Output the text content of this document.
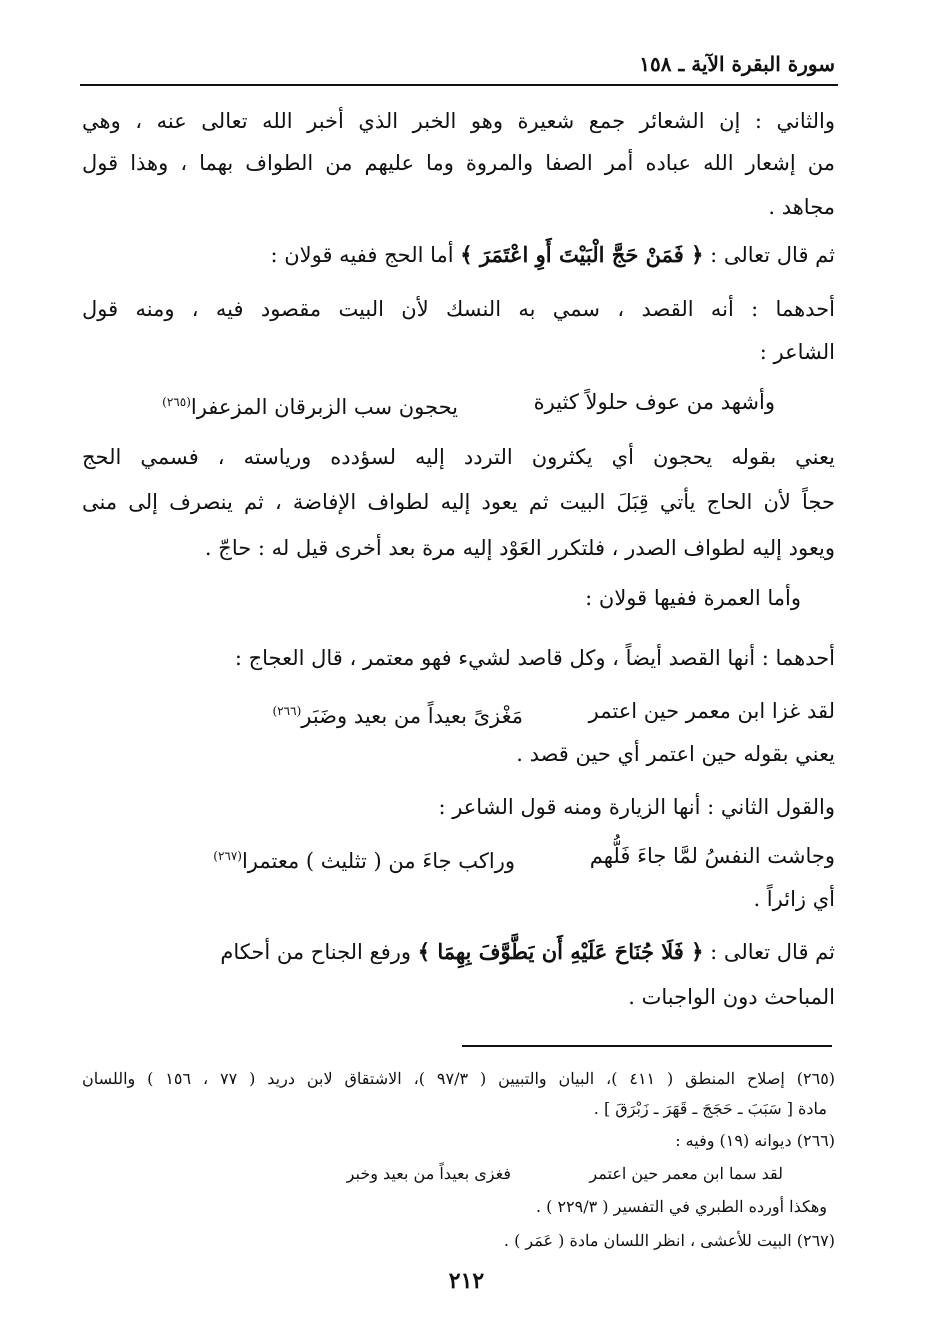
سورة البقرة الآية ـ ١٥٨
والثاني : إن الشعائر جمع شعيرة وهو الخبر الذي أخبر الله تعالى عنه ، وهي
من إشعار الله عباده أمر الصفا والمروة وما عليهم من الطواف بهما ، وهذا قول
مجاهد .
ثم قال تعالى : ﴿ فَمَنْ حَجَّ الْبَيْتَ أَوِ اعْتَمَرَ ﴾ أما الحج ففيه قولان :
أحدهما : أنه القصد ، سمي به النسك لأن البيت مقصود فيه ، ومنه قول
الشاعر :
وأشهد من عوف حلولاً كثيرة
يحجون سب الزبرقان المزعفرا$^{(٢٦٥)}$
يعني بقوله يحجون أي يكثرون التردد إليه لسؤدده ورياسته ، فسمي الحج
حجاً لأن الحاج يأتي قِبَلَ البيت ثم يعود إليه لطواف الإفاضة ، ثم ينصرف إلى منى
ويعود إليه لطواف الصدر ، فلتكرر العَوْد إليه مرة بعد أخرى قيل له : حاجّ .
وأما العمرة ففيها قولان :
أحدهما : أنها القصد أيضاً ، وكل قاصد لشيء فهو معتمر ، قال العجاج :
لقد غزا ابن معمر حين اعتمر
مَغْزىً بعيداً من بعيد وضَبَر$^{(٢٦٦)}$
يعني بقوله حين اعتمر أي حين قصد .
والقول الثاني : أنها الزيارة ومنه قول الشاعر :
وجاشت النفسُ لمَّا جاءَ فَلُّهم
وراكب جاءَ من ( تثليث ) معتمرا$^{(٢٦٧)}$
أي زائراً .
ثم قال تعالى : ﴿ فَلَا جُنَاحَ عَلَيْهِ أَن يَطَّوَّفَ بِهِمَا ﴾ ورفع الجناح من أحكام
المباحث دون الواجبات .
(٢٦٥) إصلاح المنطق ( ٤١١ )، البيان والتبيين ( ٩٧/٣ )، الاشتقاق لابن دريد ( ٧٧ ، ١٥٦ ) واللسان
مادة [ سَبَبَ ـ حَجَجَ ـ قَهَرَ ـ زَبْرَقَ ] .
(٢٦٦) ديوانه (١٩) وفيه :
لقد سما ابن معمر حين اعتمر
فغزى بعيداً من بعيد وخبر
وهكذا أورده الطبري في التفسير ( ٢٢٩/٣ ) .
(٢٦٧) البيت للأعشى ، انظر اللسان مادة ( عَمَر ) .
٢١٢
